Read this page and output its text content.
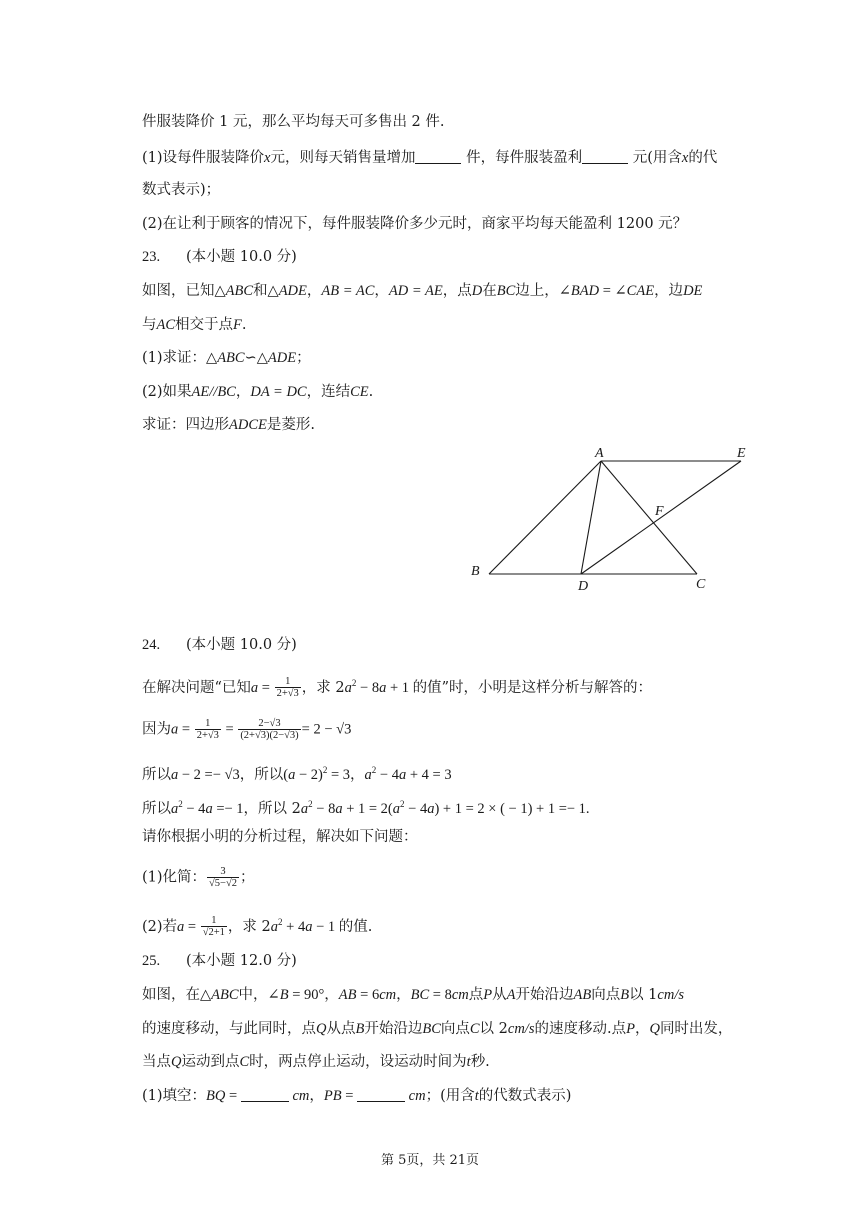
件服装降价 1 元，那么平均每天可多售出 2 件.
(1)设每件服装降价x元，则每天销售量增加	件，每件服装盈利	元(用含x的代
数式表示)；
(2)在让利于顾客的情况下，每件服装降价多少元时，商家平均每天能盈利 1200 元？
23. (本小题 10.0 分)
如图，已知△ABC和△ADE，AB = AC，AD = AE，点D在BC边上，∠BAD = ∠CAE，边DE
与AC相交于点F.
(1)求证：△ABC∽△ADE；
(2)如果AE//BC，DA = DC，连结CE.
求证：四边形ADCE是菱形.
A	E
F
B
D	C
24. (本小题 10.0 分)
在解决问题“已知$a = \frac{1}{2+√3}$ ，求 $2a^2 - 8a + 1$ 的值”时，小明是这样分析与解答的：
因为$a = \frac{1}{2+√3} = \frac{2-√3}{(2+√3)(2-√3)} = 2 - √3$
所以a − 2 =− √3，所以$(a - 2)^2 = 3$，$a^2 - 4a + 4 = 3$
所以$a^2 - 4a =- 1$，所以 $2a^2 - 8a + 1 = 2(a^2 - 4a) + 1 = 2$ × ( − 1) + 1 =− 1.
请你根据小明的分析过程，解决如下问题：
(1)化简： $\frac{3}{√5-√2}$ ；
(2)若$a = \frac{1}{√2+1}$ ，求 $2a^2 + 4a - 1$ 的值.
25. (本小题 12.0 分)
如图，在△ABC中，∠B = 90°，AB = 6cm，BC = 8cm点P从A开始沿边AB向点B以 1cm/s
的速度移动，与此同时，点Q从点B开始沿边BC向点C以 2cm/s的速度移动.点P，Q同时出发，
当点Q运动到点C时，两点停止运动，设运动时间为t秒.
(1)填空：BQ =	cm，PB =	cm；(用含t的代数式表示)
第 5页，共 21页
